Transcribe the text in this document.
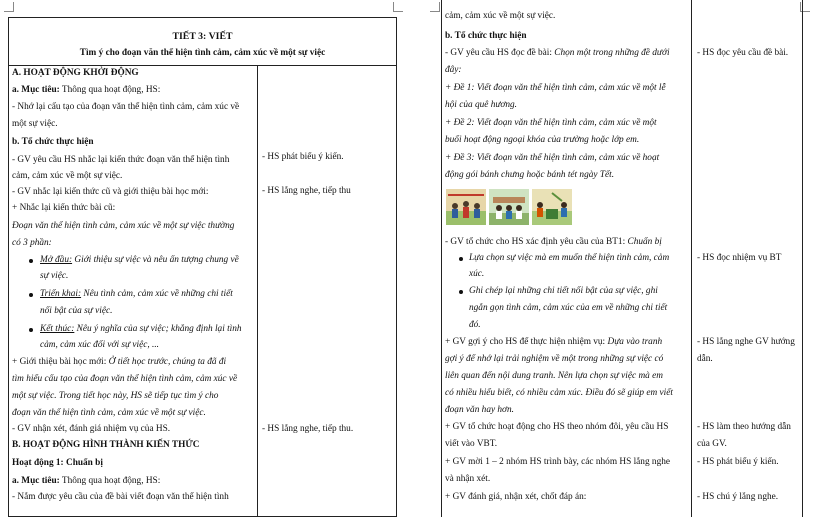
TIẾT 3: VIẾT
Tìm ý cho đoạn văn thể hiện tình cảm, cảm xúc về một sự việc
A. HOẠT ĐỘNG KHỞI ĐỘNG
a. Mục tiêu: Thông qua hoạt động, HS:
- Nhớ lại cấu tạo của đoạn văn thể hiện tình cảm, cảm xúc về
một sự việc.
b. Tổ chức thực hiện
- GV yêu cầu HS nhắc lại kiến thức đoạn văn thể hiện tình
cảm, cảm xúc về một sự việc.
- GV nhắc lại kiến thức cũ và giới thiệu bài học mới:
+ Nhắc lại kiến thức bài cũ:
Đoạn văn thể hiện tình cảm, cảm xúc về một sự việc thường
có 3 phần:
Mở đầu: Giới thiệu sự việc và nêu ấn tượng chung về
sự việc.
Triển khai: Nêu tình cảm, cảm xúc về những chi tiết
nổi bật của sự việc.
Kết thúc: Nêu ý nghĩa của sự việc; khẳng định lại tình
cảm, cảm xúc đối với sự việc, ...
+ Giới thiệu bài học mới: Ở tiết học trước, chúng ta đã đi
tìm hiểu cấu tạo của đoạn văn thể hiện tình cảm, cảm xúc về
một sự việc. Trong tiết học này, HS sẽ tiếp tục tìm ý cho
đoạn văn thể hiện tình cảm, cảm xúc về một sự việc.
- GV nhận xét, đánh giá nhiệm vụ của HS.
B. HOẠT ĐỘNG HÌNH THÀNH KIẾN THỨC
Hoạt động 1: Chuẩn bị
a. Mục tiêu: Thông qua hoạt động, HS:
- Nắm được yêu cầu của đề bài viết đoạn văn thể hiện tình
- HS phát biểu ý kiến.
- HS lắng nghe, tiếp thu
- HS lắng nghe, tiếp thu.
cảm, cảm xúc về một sự việc.
b. Tổ chức thực hiện
- GV yêu cầu HS đọc đề bài: Chọn một trong những đề dưới
đây:
+ Đề 1: Viết đoạn văn thể hiện tình cảm, cảm xúc về một lễ
hội của quê hương.
+ Đề 2: Viết đoạn văn thể hiện tình cảm, cảm xúc về một
buổi hoạt động ngoại khóa của trường hoặc lớp em.
+ Đề 3: Viết đoạn văn thể hiện tình cảm, cảm xúc về hoạt
động gói bánh chưng hoặc bánh tét ngày Tết.
- GV tổ chức cho HS xác định yêu cầu của BT1: Chuẩn bị
Lựa chọn sự việc mà em muốn thể hiện tình cảm, cảm
xúc.
Ghi chép lại những chi tiết nổi bật của sự việc, ghi
ngắn gọn tình cảm, cảm xúc của em về những chi tiết
đó.
+ GV gợi ý cho HS để thực hiện nhiệm vụ: Dựa vào tranh
gợi ý để nhớ lại trải nghiệm về một trong những sự việc có
liên quan đến nội dung tranh. Nên lựa chọn sự việc mà em
có nhiều hiểu biết, có nhiều cảm xúc. Điều đó sẽ giúp em viết
đoạn văn hay hơn.
+ GV tổ chức hoạt động cho HS theo nhóm đôi, yêu cầu HS
viết vào VBT.
+ GV mời 1 – 2 nhóm HS trình bày, các nhóm HS lắng nghe
và nhận xét.
+ GV đánh giá, nhận xét, chốt đáp án:
- HS đọc yêu cầu đề bài.
- HS đọc nhiệm vụ BT
- HS lắng nghe GV hướng
dẫn.
- HS làm theo hướng dẫn
của GV.
- HS phát biểu ý kiến.
- HS chú ý lắng nghe.
